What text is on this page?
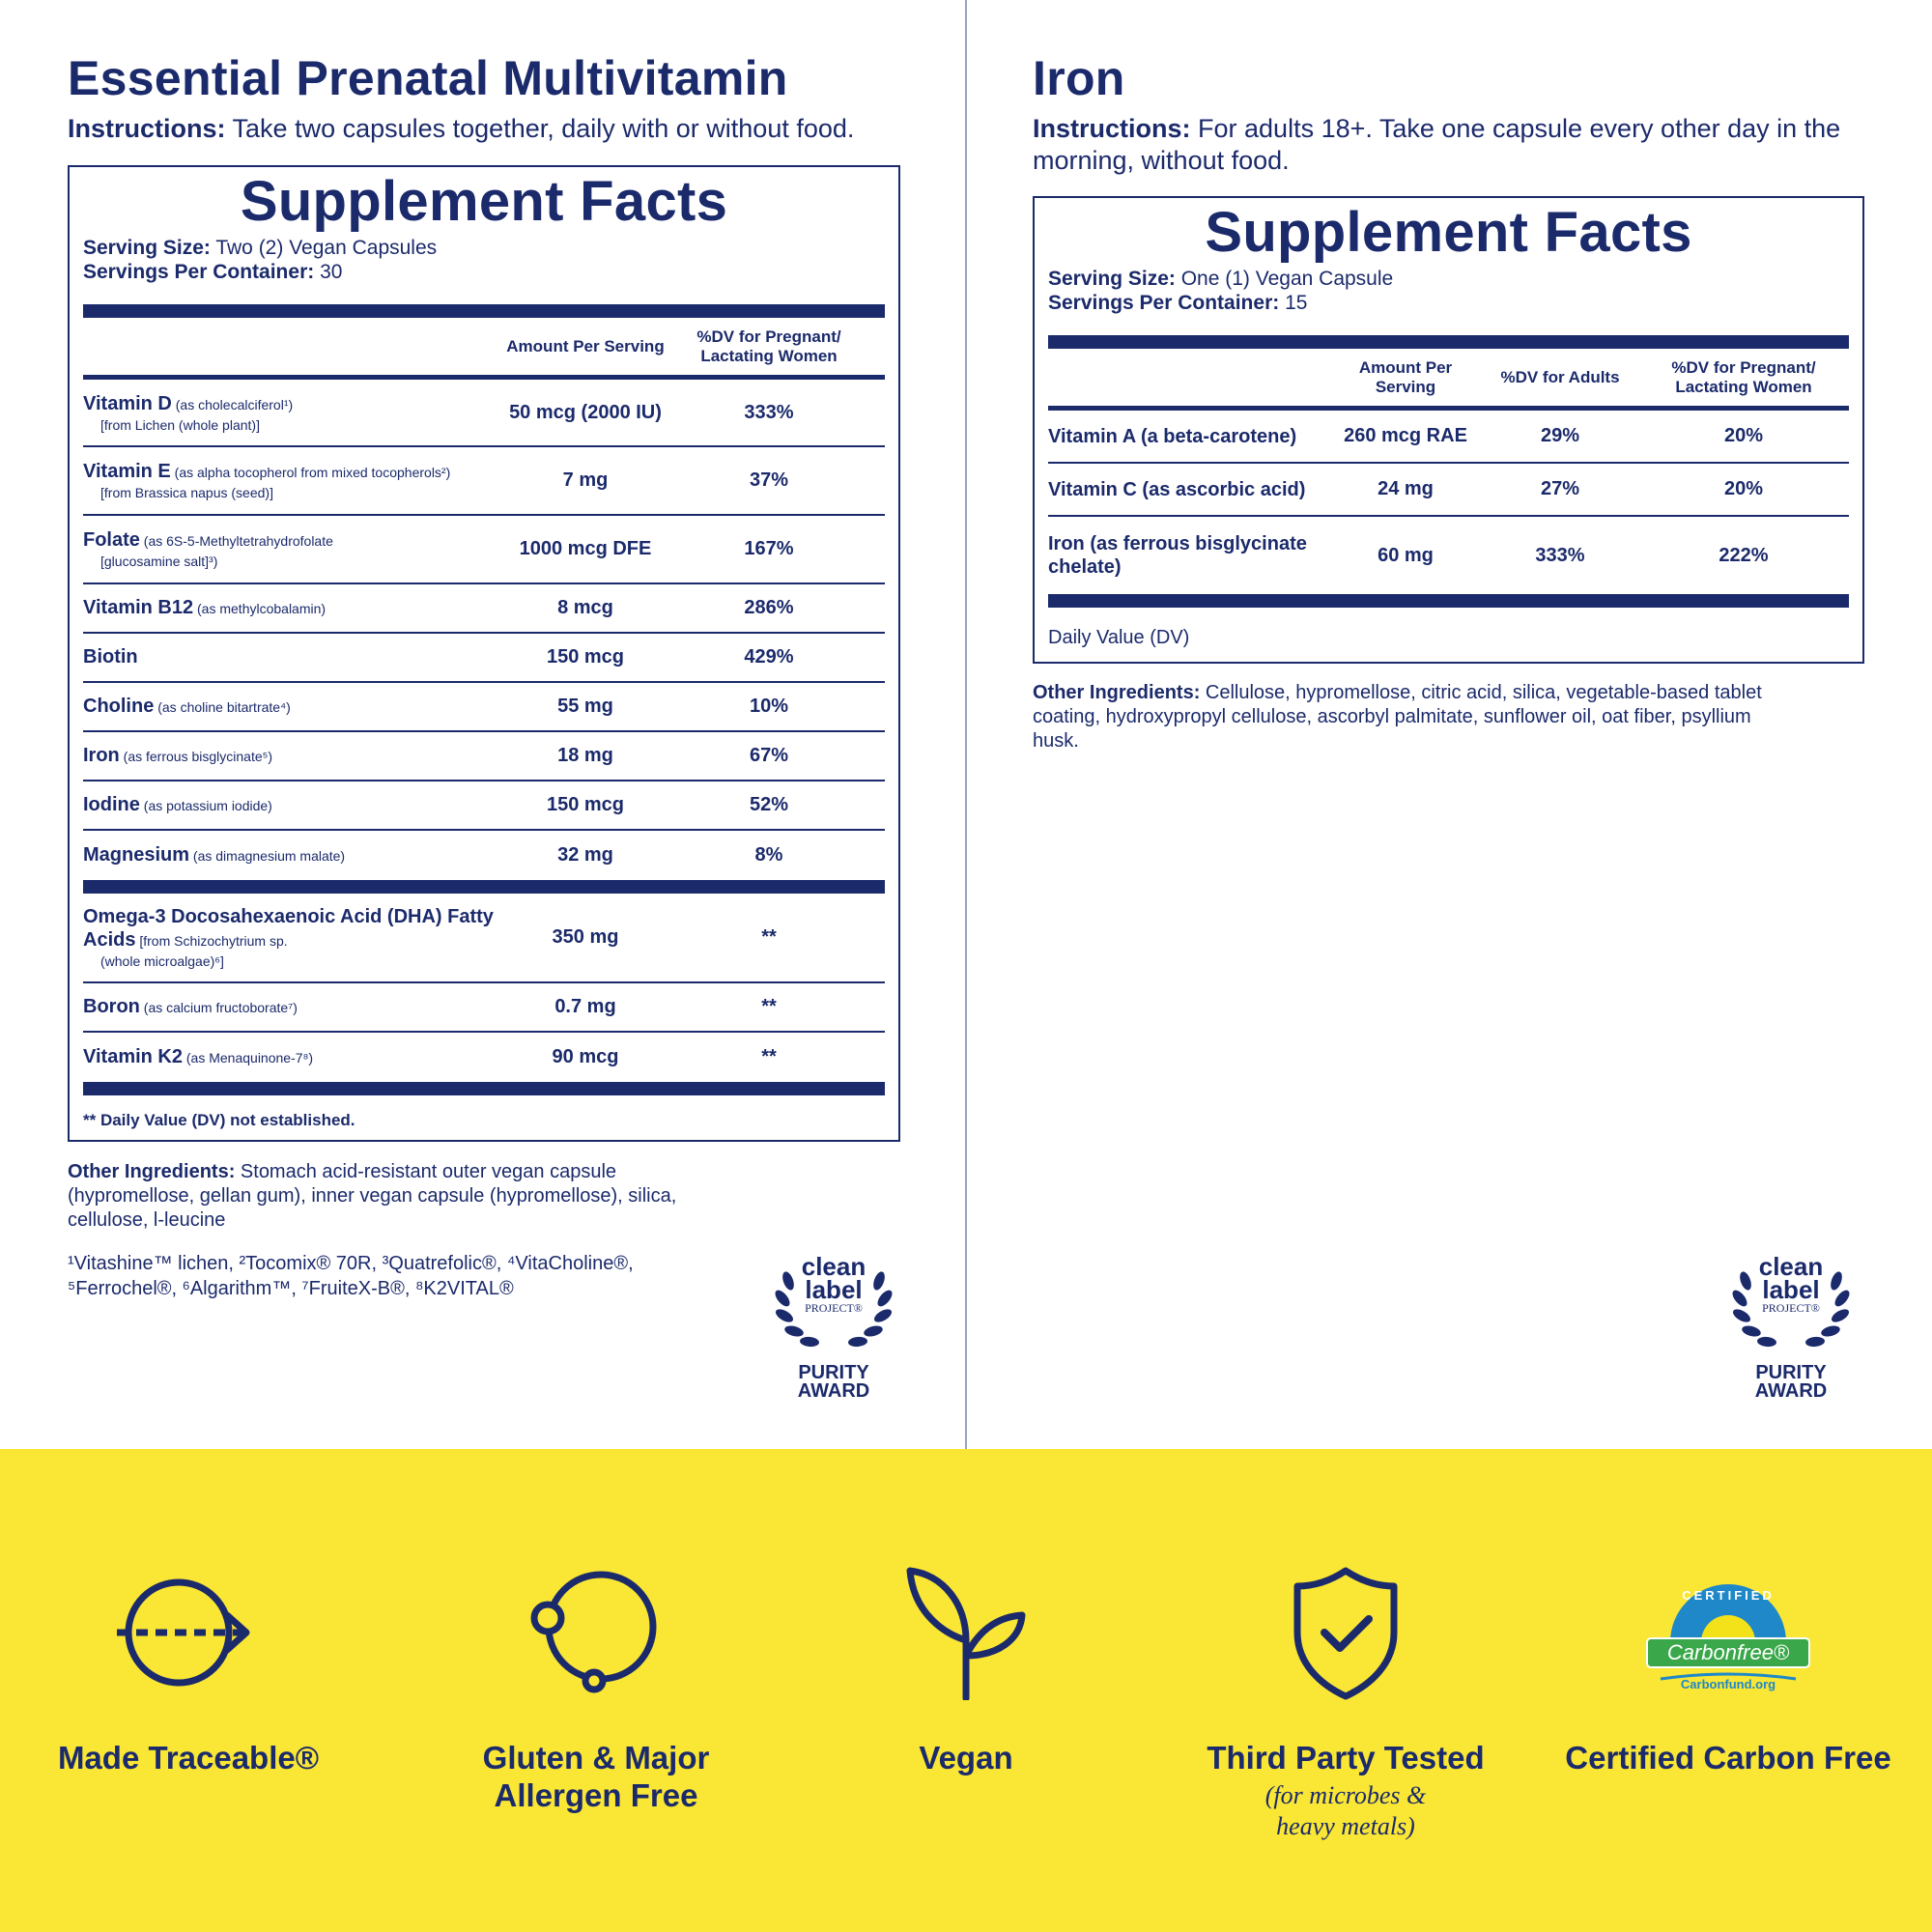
Essential Prenatal Multivitamin
Instructions: Take two capsules together, daily with or without food.
Supplement Facts
Serving Size: Two (2) Vegan Capsules
Servings Per Container: 30
Amount Per Serving
%DV for Pregnant/ Lactating Women
Vitamin D (as cholecalciferol¹)
[from Lichen (whole plant)]
50 mcg (2000 IU)	333%
Vitamin E (as alpha tocopherol from mixed tocopherols²)
[from Brassica napus (seed)]
7 mg	37%
Folate (as 6S-5-Methyltetrahydrofolate
[glucosamine salt]³)
1000 mcg DFE	167%
Vitamin B12 (as methylcobalamin)	8 mcg	286%
Biotin	150 mcg	429%
Choline (as choline bitartrate⁴)	55 mg	10%
Iron (as ferrous bisglycinate⁵)	18 mg	67%
Iodine (as potassium iodide)	150 mcg	52%
Magnesium (as dimagnesium malate)	32 mg	8%
Omega-3 Docosahexaenoic Acid (DHA) Fatty Acids [from Schizochytrium sp.
(whole microalgae)⁶]
350 mg	**
Boron (as calcium fructoborate⁷)	0.7 mg	**
Vitamin K2 (as Menaquinone-7⁸)	90 mcg	**
** Daily Value (DV) not established.
Other Ingredients: Stomach acid-resistant outer vegan capsule (hypromellose, gellan gum), inner vegan capsule (hypromellose), silica, cellulose, l-leucine
¹Vitashine™ lichen, ²Tocomix® 70R, ³Quatrefolic®, ⁴VitaCholine®,
⁵Ferrochel®, ⁶Algarithm™, ⁷FruiteX-B®, ⁸K2VITAL®
clean
label
PROJECT®
PURITY
AWARD
Iron
Instructions: For adults 18+. Take one capsule every other day in the morning, without food.
Supplement Facts
Serving Size: One (1) Vegan Capsule
Servings Per Container: 15
Amount Per Serving
%DV for Adults
%DV for Pregnant/ Lactating Women
Vitamin A (a beta-carotene)	260 mcg RAE	29%	20%
Vitamin C (as ascorbic acid)	24 mg	27%	20%
Iron (as ferrous bisglycinate chelate)
60 mg	333%	222%
Daily Value (DV)
Other Ingredients: Cellulose, hypromellose, citric acid, silica, vegetable-based tablet coating, hydroxypropyl cellulose, ascorbyl palmitate, sunflower oil, oat fiber, psyllium husk.
clean
label
PROJECT®
PURITY
AWARD
Made Traceable®	Gluten & Major Allergen Free
Vegan	Third Party Tested
(for microbes & heavy metals)
CERTIFIED
Carbonfree®
Carbonfund.org
Certified Carbon Free
